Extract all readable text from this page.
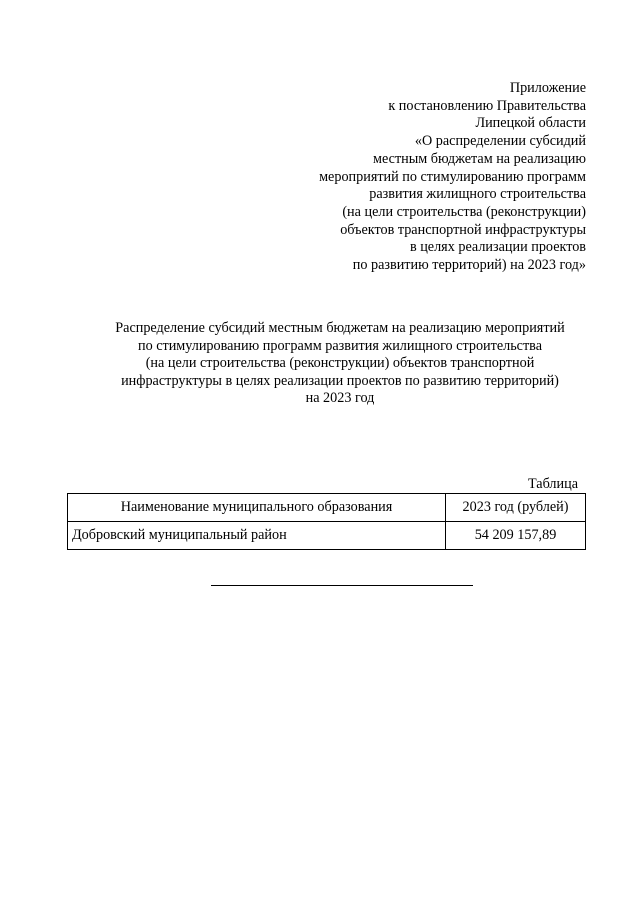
Приложение
к постановлению Правительства
Липецкой области
«О распределении субсидий
местным бюджетам на реализацию
мероприятий по стимулированию программ
развития жилищного строительства
(на цели строительства (реконструкции)
объектов транспортной инфраструктуры
в целях реализации проектов
по развитию территорий) на 2023 год»
Распределение субсидий местным бюджетам на реализацию мероприятий
по стимулированию программ развития жилищного строительства
(на цели строительства (реконструкции) объектов транспортной
инфраструктуры в целях реализации проектов по развитию территорий)
на 2023 год
Таблица
Наименование муниципального образования	2023 год (рублей)
Добровский муниципальный район	54 209 157,89
